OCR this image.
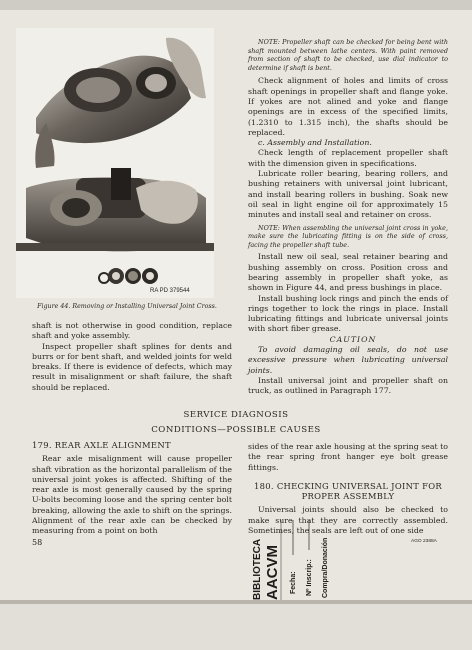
RA PD 379544
Figure 44. Removing or Installing Universal Joint Cross.

NOTE: Propeller shaft can be checked for being bent with shaft mounted between lathe centers. With paint removed from section of shaft to be checked, use dial indicator to determine if shaft is bent.

Check alignment of holes and limits of cross shaft openings in propeller shaft and flange yoke. If yokes are not alined and yoke and flange openings are in excess of the specified limits, (1.2310 to 1.315 inch), the shafts should be replaced.

c. Assembly and Installation.

Check length of replacement propeller shaft with the dimension given in specifications.

Lubricate roller bearing, bearing rollers, and bushing retainers with universal joint lubricant, and install bearing rollers in bushing. Soak new oil seal in light engine oil for approximately 15 minutes and install seal and retainer on cross.

NOTE: When assembling the universal joint cross in yoke, make sure the lubricating fitting is on the side of cross, facing the propeller shaft tube.

Install new oil seal, seal retainer bearing and bushing assembly on cross. Position cross and bearing assembly in propeller shaft yoke, as shown in Figure 44, and press bushings in place.

Install bushing lock rings and pinch the ends of rings together to lock the rings in place. Install lubricating fittings and lubricate universal joints with short fiber grease.

CAUTION

To avoid damaging oil seals, do not use excessive pressure when lubricating universal joints.

Install universal joint and propeller shaft on truck, as outlined in Paragraph 177.

shaft is not otherwise in good condition, replace shaft and yoke assembly.

Inspect propeller shaft splines for dents and burrs or for bent shaft, and welded joints for weld breaks. If there is evidence of defects, which may result in misalignment or shaft failure, the shaft should be replaced.

SERVICE DIAGNOSIS
CONDITIONS—POSSIBLE CAUSES

179. REAR AXLE ALIGNMENT

Rear axle misalignment will cause propeller shaft vibration as the horizontal parallelism of the universal joint yokes is affected. Shifting of the rear axle is most generally caused by the spring U-bolts becoming loose and the spring center bolt breaking, allowing the axle to shift on the springs. Alignment of the rear axle can be checked by measuring from a point on both

sides of the rear axle housing at the spring seat to the rear spring front hanger eye bolt grease fittings.

180. CHECKING UNIVERSAL JOINT FOR PROPER ASSEMBLY

Universal joints should also be checked to make sure that they are correctly assembled. Sometimes, the seals are left out of one side

58	AGO 2388A
BIBLIOTECA AACVM Fecha: Nº Inscrip.: Compra/Donación
